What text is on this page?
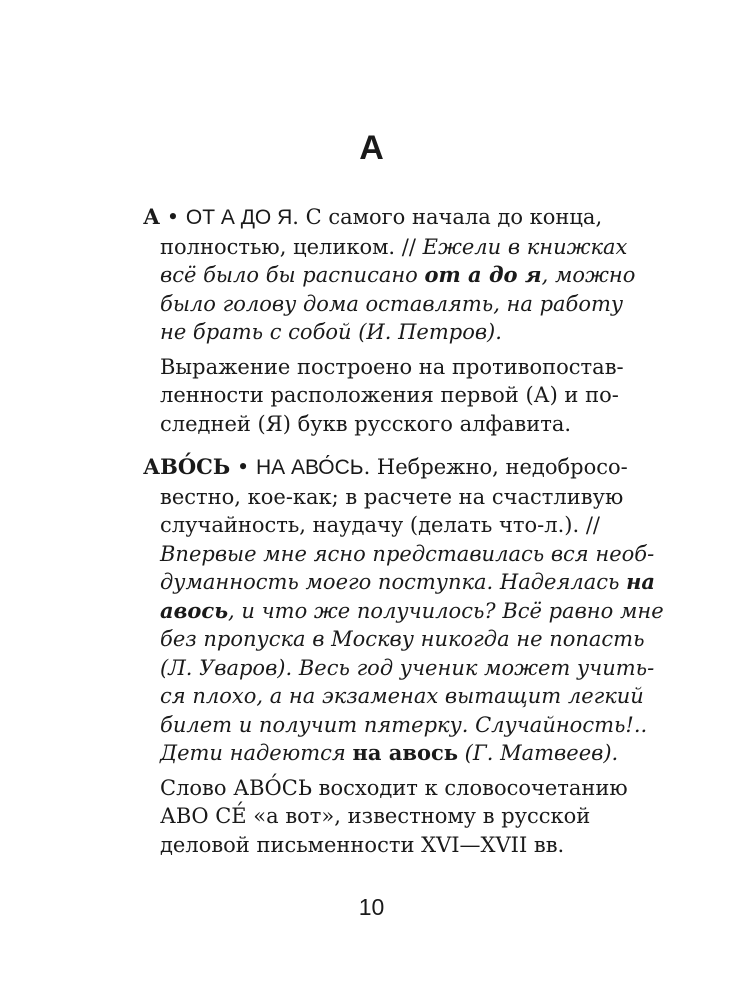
А
А • ОТ А ДО Я. С самого начала до конца,
полностью, целиком. // Ежели в книжках
всё было бы расписано от а до я, можно
было голову дома оставлять, на работу
не брать с собой (И. Петров).
Выражение построено на противопостав-
ленности расположения первой (А) и по-
следней (Я) букв русского алфавита.
АВО́СЬ • НА АВО́СЬ. Небрежно, недобросо-
вестно, кое-как; в расчете на счастливую
случайность, наудачу (делать что-л.). //
Впервые мне ясно представилась вся необ-
думанность моего поступка. Надеялась на
авось, и что же получилось? Всё равно мне
без пропуска в Москву никогда не попасть
(Л. Уваров). Весь год ученик может учить-
ся плохо, а на экзаменах вытащит легкий
билет и получит пятерку. Случайность!..
Дети надеются на авось (Г. Матвеев).
Слово АВО́СЬ восходит к словосочетанию
АВО СЕ́ «а вот», известному в русской
деловой письменности XVI—XVII вв.
10
